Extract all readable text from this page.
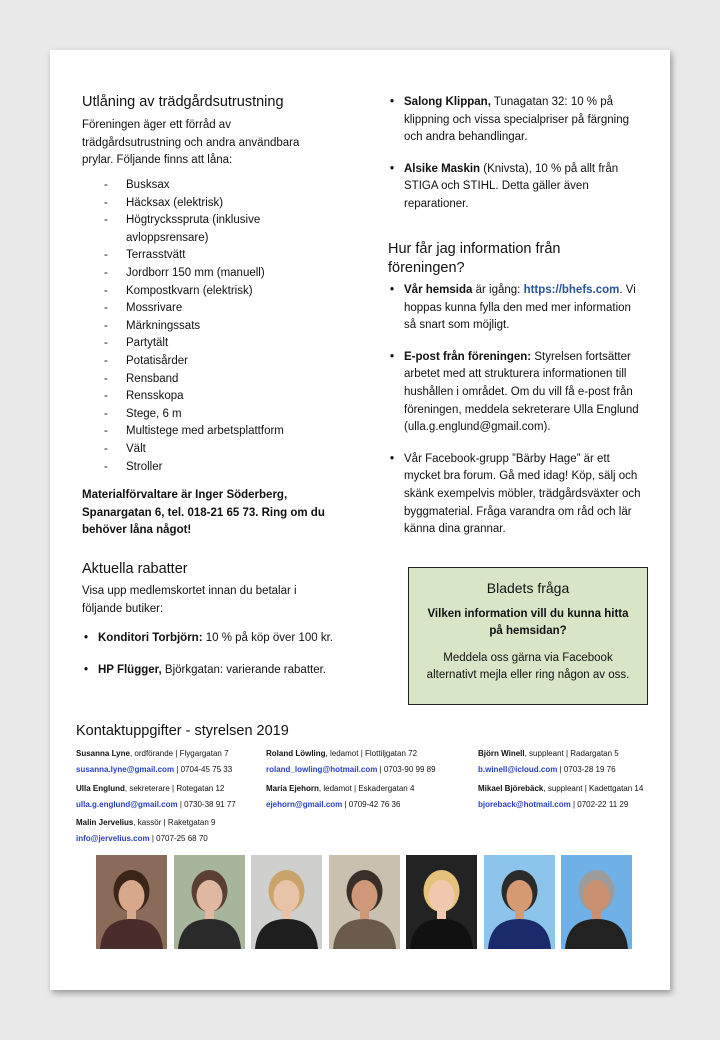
Utlåning av trädgårdsutrustning
Föreningen äger ett förråd av trädgårdsutrustning och andra användbara prylar. Följande finns att låna:
- Busksax
- Häcksax (elektrisk)
- Högtrycksspruta (inklusive avloppsrensare)
- Terrasstvätt
- Jordborr 150 mm (manuell)
- Kompostkvarn (elektrisk)
- Mossrivare
- Märkningssats
- Partytält
- Potatisårder
- Rensband
- Rensskopa
- Stege, 6 m
- Multistege med arbetsplattform
- Vält
- Stroller
Materialförvaltare är Inger Söderberg,
Spanargatan 6, tel. 018-21 65 73. Ring om du
behöver låna något!
Aktuella rabatter
Visa upp medlemskortet innan du betalar i följande butiker:
• Konditori Torbjörn: 10 % på köp över 100 kr.
• HP Flügger, Björkgatan: varierande rabatter.
• Salong Klippan, Tunagatan 32: 10 % på klippning och vissa specialpriser på färgning och andra behandlingar.
• Alsike Maskin (Knivsta), 10 % på allt från STIGA och STIHL. Detta gäller även reparationer.
Hur får jag information från föreningen?
• Vår hemsida är igång: https://bhefs.com. Vi hoppas kunna fylla den med mer information så snart som möjligt.
• E-post från föreningen: Styrelsen fortsätter arbetet med att strukturera informationen till hushållen i området. Om du vill få e-post från föreningen, meddela sekreterare Ulla Englund (ulla.g.englund@gmail.com).
• Vår Facebook-grupp ”Bärby Hage” är ett mycket bra forum. Gå med idag! Köp, sälj och skänk exempelvis möbler, trädgårdsväxter och byggmaterial. Fråga varandra om råd och lär känna dina grannar.
Bladets fråga
Vilken information vill du kunna hitta på hemsidan?
Meddela oss gärna via Facebook alternativt mejla eller ring någon av oss.
Kontaktuppgifter - styrelsen 2019
Susanna Lyne, ordförande | Flygargatan 7
susanna.lyne@gmail.com | 0704-45 75 33
Roland Löwling, ledamot | Flottiljgatan 72
roland_lowling@hotmail.com | 0703-90 99 89
Björn Winell, suppleant | Radargatan 5
b.winell@icloud.com | 0703-28 19 76
Ulla Englund, sekreterare | Rotegatan 12
ulla.g.englund@gmail.com | 0730-38 91 77
Maria Ejehorn, ledamot | Eskadergatan 4
ejehorn@gmail.com | 0709-42 76 36
Mikael Björebäck, suppleant | Kadettgatan 14
bjoreback@hotmail.com | 0702-22 11 29
Malin Jervelius, kassör | Raketgatan 9
info@jervelius.com | 0707-25 68 70
